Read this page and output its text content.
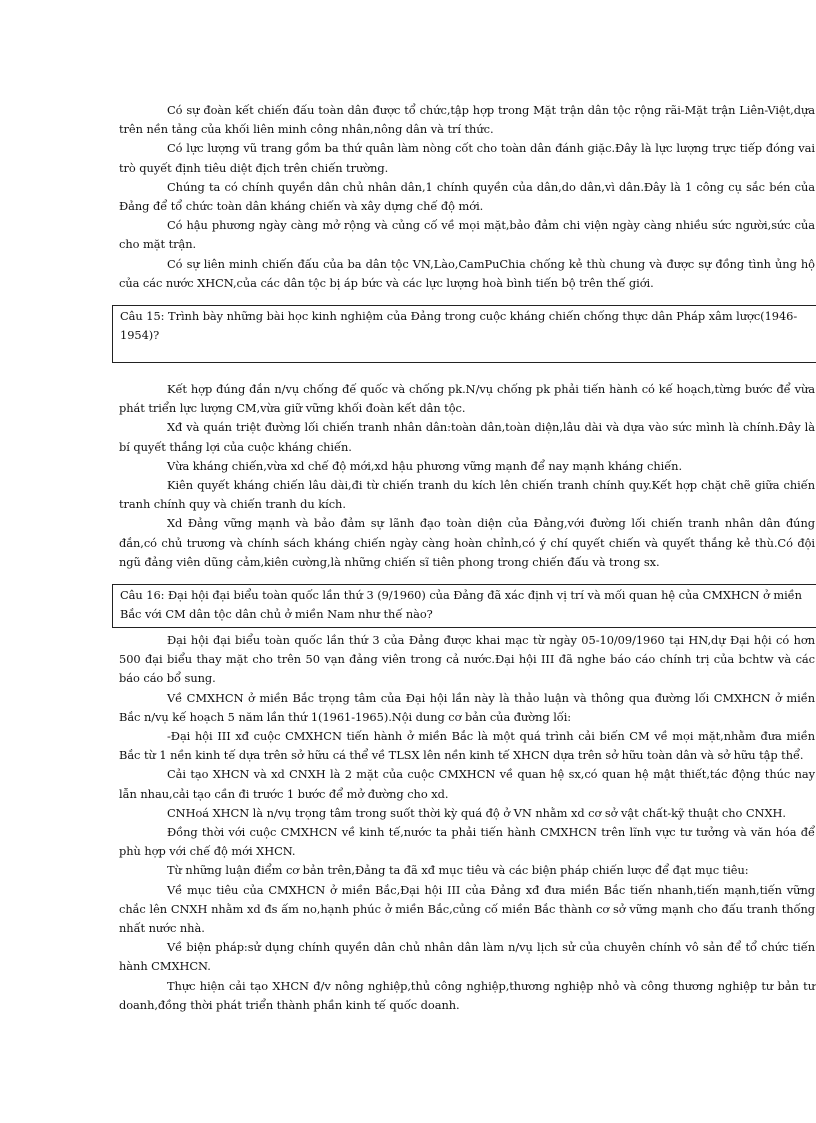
Có sự đoàn kết chiến đấu toàn dân được tổ chức,tập hợp trong Mặt trận dân tộc rộng rãi-Mặt trận Liên-Việt,dựa trên nền tảng của khối liên minh công nhân,nông dân và trí thức.

Có lực lượng vũ trang gồm ba thứ quân làm nòng cốt cho toàn dân đánh giặc.Đây là lực lượng trực tiếp đóng vai trò quyết định tiêu diệt địch trên chiến trường.

Chúng ta có chính quyền dân chủ nhân dân,1 chính quyền của dân,do dân,vì dân.Đây là 1 công cụ sắc bén của Đảng để tổ chức toàn dân kháng chiến và xây dựng chế độ mới.

Có hậu phương ngày càng mở rộng và củng cố về mọi mặt,bảo đảm chi viện ngày càng nhiều sức người,sức của cho mặt trận.

Có sự liên minh chiến đấu của ba dân tộc VN,Lào,CamPuChia chống kẻ thù chung và được sự đồng tình ủng hộ của các nước XHCN,của các dân tộc bị áp bức và các lực lượng hoà bình tiến bộ trên thế giới.

Câu 15: Trình bày những bài học kinh nghiệm của Đảng trong cuộc kháng chiến chống thực dân Pháp xâm lược(1946-1954)?

Kết hợp đúng đắn n/vụ chống đế quốc và chống pk.N/vụ chống pk phải tiến hành có kế hoạch,từng bước để vừa phát triển lực lượng CM,vừa giữ vững khối đoàn kết dân tộc.

Xđ và quán triệt đường lối chiến tranh nhân dân:toàn dân,toàn diện,lâu dài và dựa vào sức mình là chính.Đây là bí quyết thắng lợi của cuộc kháng chiến.

Vừa kháng chiến,vừa xd chế độ mới,xd hậu phương vững mạnh để nay mạnh kháng chiến.

Kiên quyết kháng chiến lâu dài,đi từ chiến tranh du kích lên chiến tranh chính quy.Kết hợp chặt chẽ giữa chiến tranh chính quy và chiến tranh du kích.

Xd Đảng vững mạnh và bảo đảm sự lãnh đạo toàn diện của Đảng,với đường lối chiến tranh nhân dân đúng đắn,có chủ trương và chính sách kháng chiến ngày càng hoàn chỉnh,có ý chí quyết chiến và quyết thắng kẻ thù.Có đội ngũ đảng viên dũng cảm,kiên cường,là những chiến sĩ tiên phong trong chiến đấu và trong sx.

Câu 16: Đại hội đại biểu toàn quốc lần thứ 3 (9/1960) của Đảng đã xác định vị trí và mối quan hệ của CMXHCN ở miền Bắc với CM dân tộc dân chủ ở miền Nam như thế nào?

Đại hội đại biểu toàn quốc lần thứ 3 của Đảng được khai mạc từ ngày 05-10/09/1960 tại HN,dự Đại hội có hơn 500 đại biểu thay mặt cho trên 50 vạn đảng viên trong cả nước.Đại hội III đã nghe báo cáo chính trị của bchtw và các báo cáo bổ sung.

Về CMXHCN ở miền Bắc trọng tâm của Đại hội lần này là thảo luận và thông qua đường lối CMXHCN ở miền Bắc n/vụ kế hoạch 5 năm lần thứ 1(1961-1965).Nội dung cơ bản của đường lối:

-Đại hội III xđ cuộc CMXHCN tiến hành ở miền Bắc là một quá trình cải biến CM về mọi mặt,nhằm đưa miền Bắc từ 1 nền kinh tế dựa trên sở hữu cá thể về TLSX lên nền kinh tế XHCN dựa trên sở hữu toàn dân và sở hữu tập thể.

Cải tạo XHCN và xd CNXH là 2 mặt của cuộc CMXHCN về quan hệ sx,có quan hệ mật thiết,tác động thúc nay lẫn nhau,cải tạo cần đi trước 1 bước để mở đường cho xd.

CNHoá XHCN là n/vụ trọng tâm trong suốt thời kỳ quá độ ở VN nhằm xd cơ sở vật chất-kỹ thuật cho CNXH.

Đồng thời với cuộc CMXHCN về kinh tế,nước ta phải tiến hành CMXHCN trên lĩnh vực tư tưởng và văn hóa để phù hợp với chế độ mới XHCN.

Từ những luận điểm cơ bản trên,Đảng ta đã xđ mục tiêu và các biện pháp chiến lược để đạt mục tiêu:

Về mục tiêu của CMXHCN ở miền Bắc,Đại hội III của Đảng xđ đưa miền Bắc tiến nhanh,tiến mạnh,tiến vững chắc lên CNXH nhằm xd đs ấm no,hạnh phúc ở miền Bắc,củng cố miền Bắc thành cơ sở vững mạnh cho đấu tranh thống nhất nước nhà.

Về biện pháp:sử dụng chính quyền dân chủ nhân dân làm n/vụ lịch sử của chuyên chính vô sản để tổ chức tiến hành CMXHCN.

Thực hiện cải tạo XHCN đ/v nông nghiệp,thủ công nghiệp,thương nghiệp nhỏ và công thương nghiệp tư bản tư doanh,đồng thời phát triển thành phần kinh tế quốc doanh.
